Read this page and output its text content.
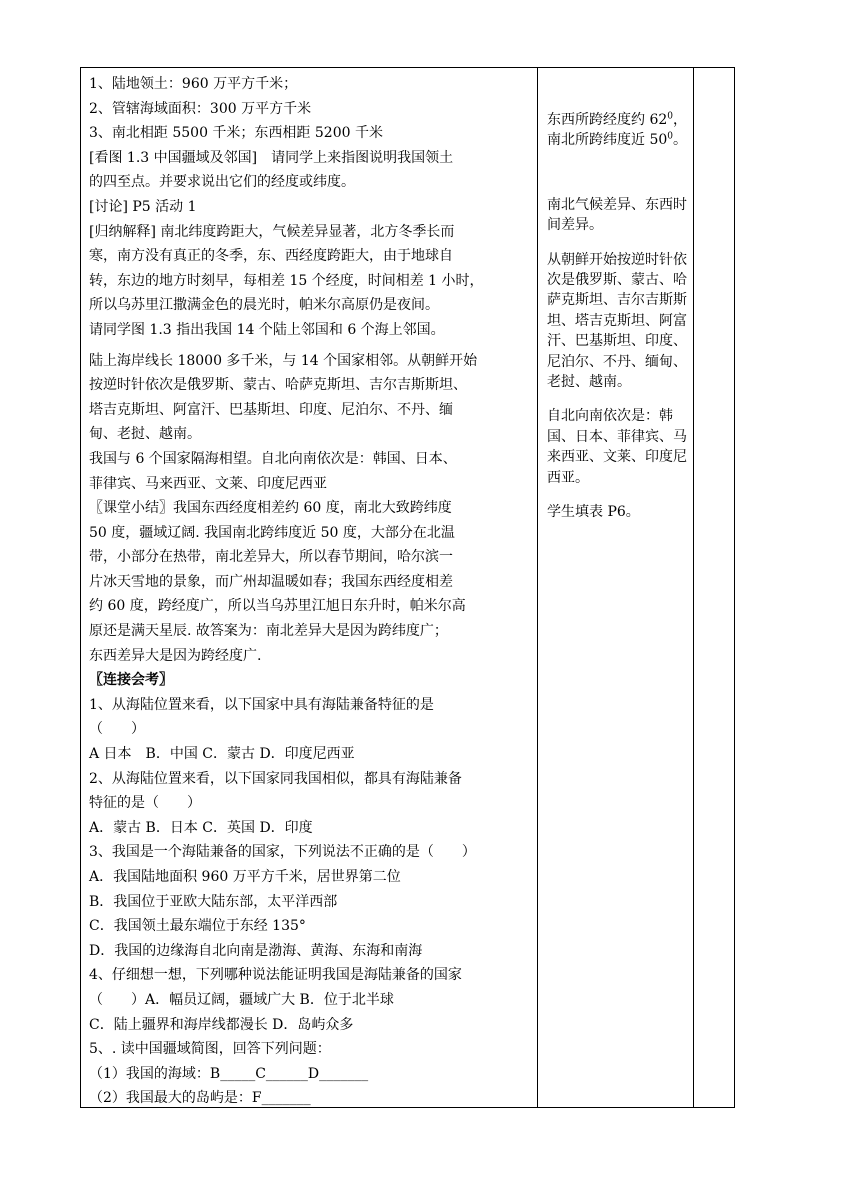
1、陆地领土：960 万平方千米；

2、管辖海域面积：300 万平方千米

3、南北相距 5500 千米；东西相距 5200 千米

[看图 1.3 中国疆域及邻国]　请同学上来指图说明我国领土

的四至点。并要求说出它们的经度或纬度。

[讨论] P5 活动 1

[归纳解释] 南北纬度跨距大，气候差异显著，北方冬季长而

寒，南方没有真正的冬季，东、西经度跨距大，由于地球自

转，东边的地方时刻早，每相差 15 个经度，时间相差 1 小时，

所以乌苏里江撒满金色的晨光时，帕米尔高原仍是夜间。

请同学图 1.3 指出我国 14 个陆上邻国和 6 个海上邻国。

陆上海岸线长 18000 多千米，与 14 个国家相邻。从朝鲜开始

按逆时针依次是俄罗斯、蒙古、哈萨克斯坦、吉尔吉斯斯坦、

塔吉克斯坦、阿富汗、巴基斯坦、印度、尼泊尔、不丹、缅

甸、老挝、越南。

我国与 6 个国家隔海相望。自北向南依次是：韩国、日本、

菲律宾、马来西亚、文莱、印度尼西亚

〖课堂小结〗我国东西经度相差约 60 度，南北大致跨纬度

50 度，疆域辽阔. 我国南北跨纬度近 50 度，大部分在北温

带，小部分在热带，南北差异大，所以春节期间，哈尔滨一

片冰天雪地的景象，而广州却温暖如春；我国东西经度相差

约 60 度，跨经度广，所以当乌苏里江旭日东升时，帕米尔高

原还是满天星辰. 故答案为：南北差异大是因为跨纬度广；

东西差异大是因为跨经度广.

〖连接会考〗

1、从海陆位置来看，以下国家中具有海陆兼备特征的是

（　　）

A 日本　B．中国 C．蒙古 D．印度尼西亚

2、从海陆位置来看，以下国家同我国相似，都具有海陆兼备

特征的是（　　）

A．蒙古 B．日本 C．英国 D．印度

3、我国是一个海陆兼备的国家，下列说法不正确的是（　　）

A．我国陆地面积 960 万平方千米，居世界第二位

B．我国位于亚欧大陆东部，太平洋西部

C．我国领土最东端位于东经 135°

D．我国的边缘海自北向南是渤海、黄海、东海和南海

4、仔细想一想，下列哪种说法能证明我国是海陆兼备的国家

（　　）A．幅员辽阔，疆域广大 B．位于北半球

C．陆上疆界和海岸线都漫长 D．岛屿众多

5、. 读中国疆域简图，回答下列问题：

（1）我国的海域：B_____C______D_______

（2）我国最大的岛屿是：F_______

东西所跨经度约 $62^0$，南北所跨纬度近 $50^0$。

南北气候差异、东西时间差异。

从朝鲜开始按逆时针依次是俄罗斯、蒙古、哈萨克斯坦、吉尔吉斯斯坦、塔吉克斯坦、阿富汗、巴基斯坦、印度、尼泊尔、不丹、缅甸、老挝、越南。

自北向南依次是：韩国、日本、菲律宾、马来西亚、文莱、印度尼西亚。

学生填表 P6。
